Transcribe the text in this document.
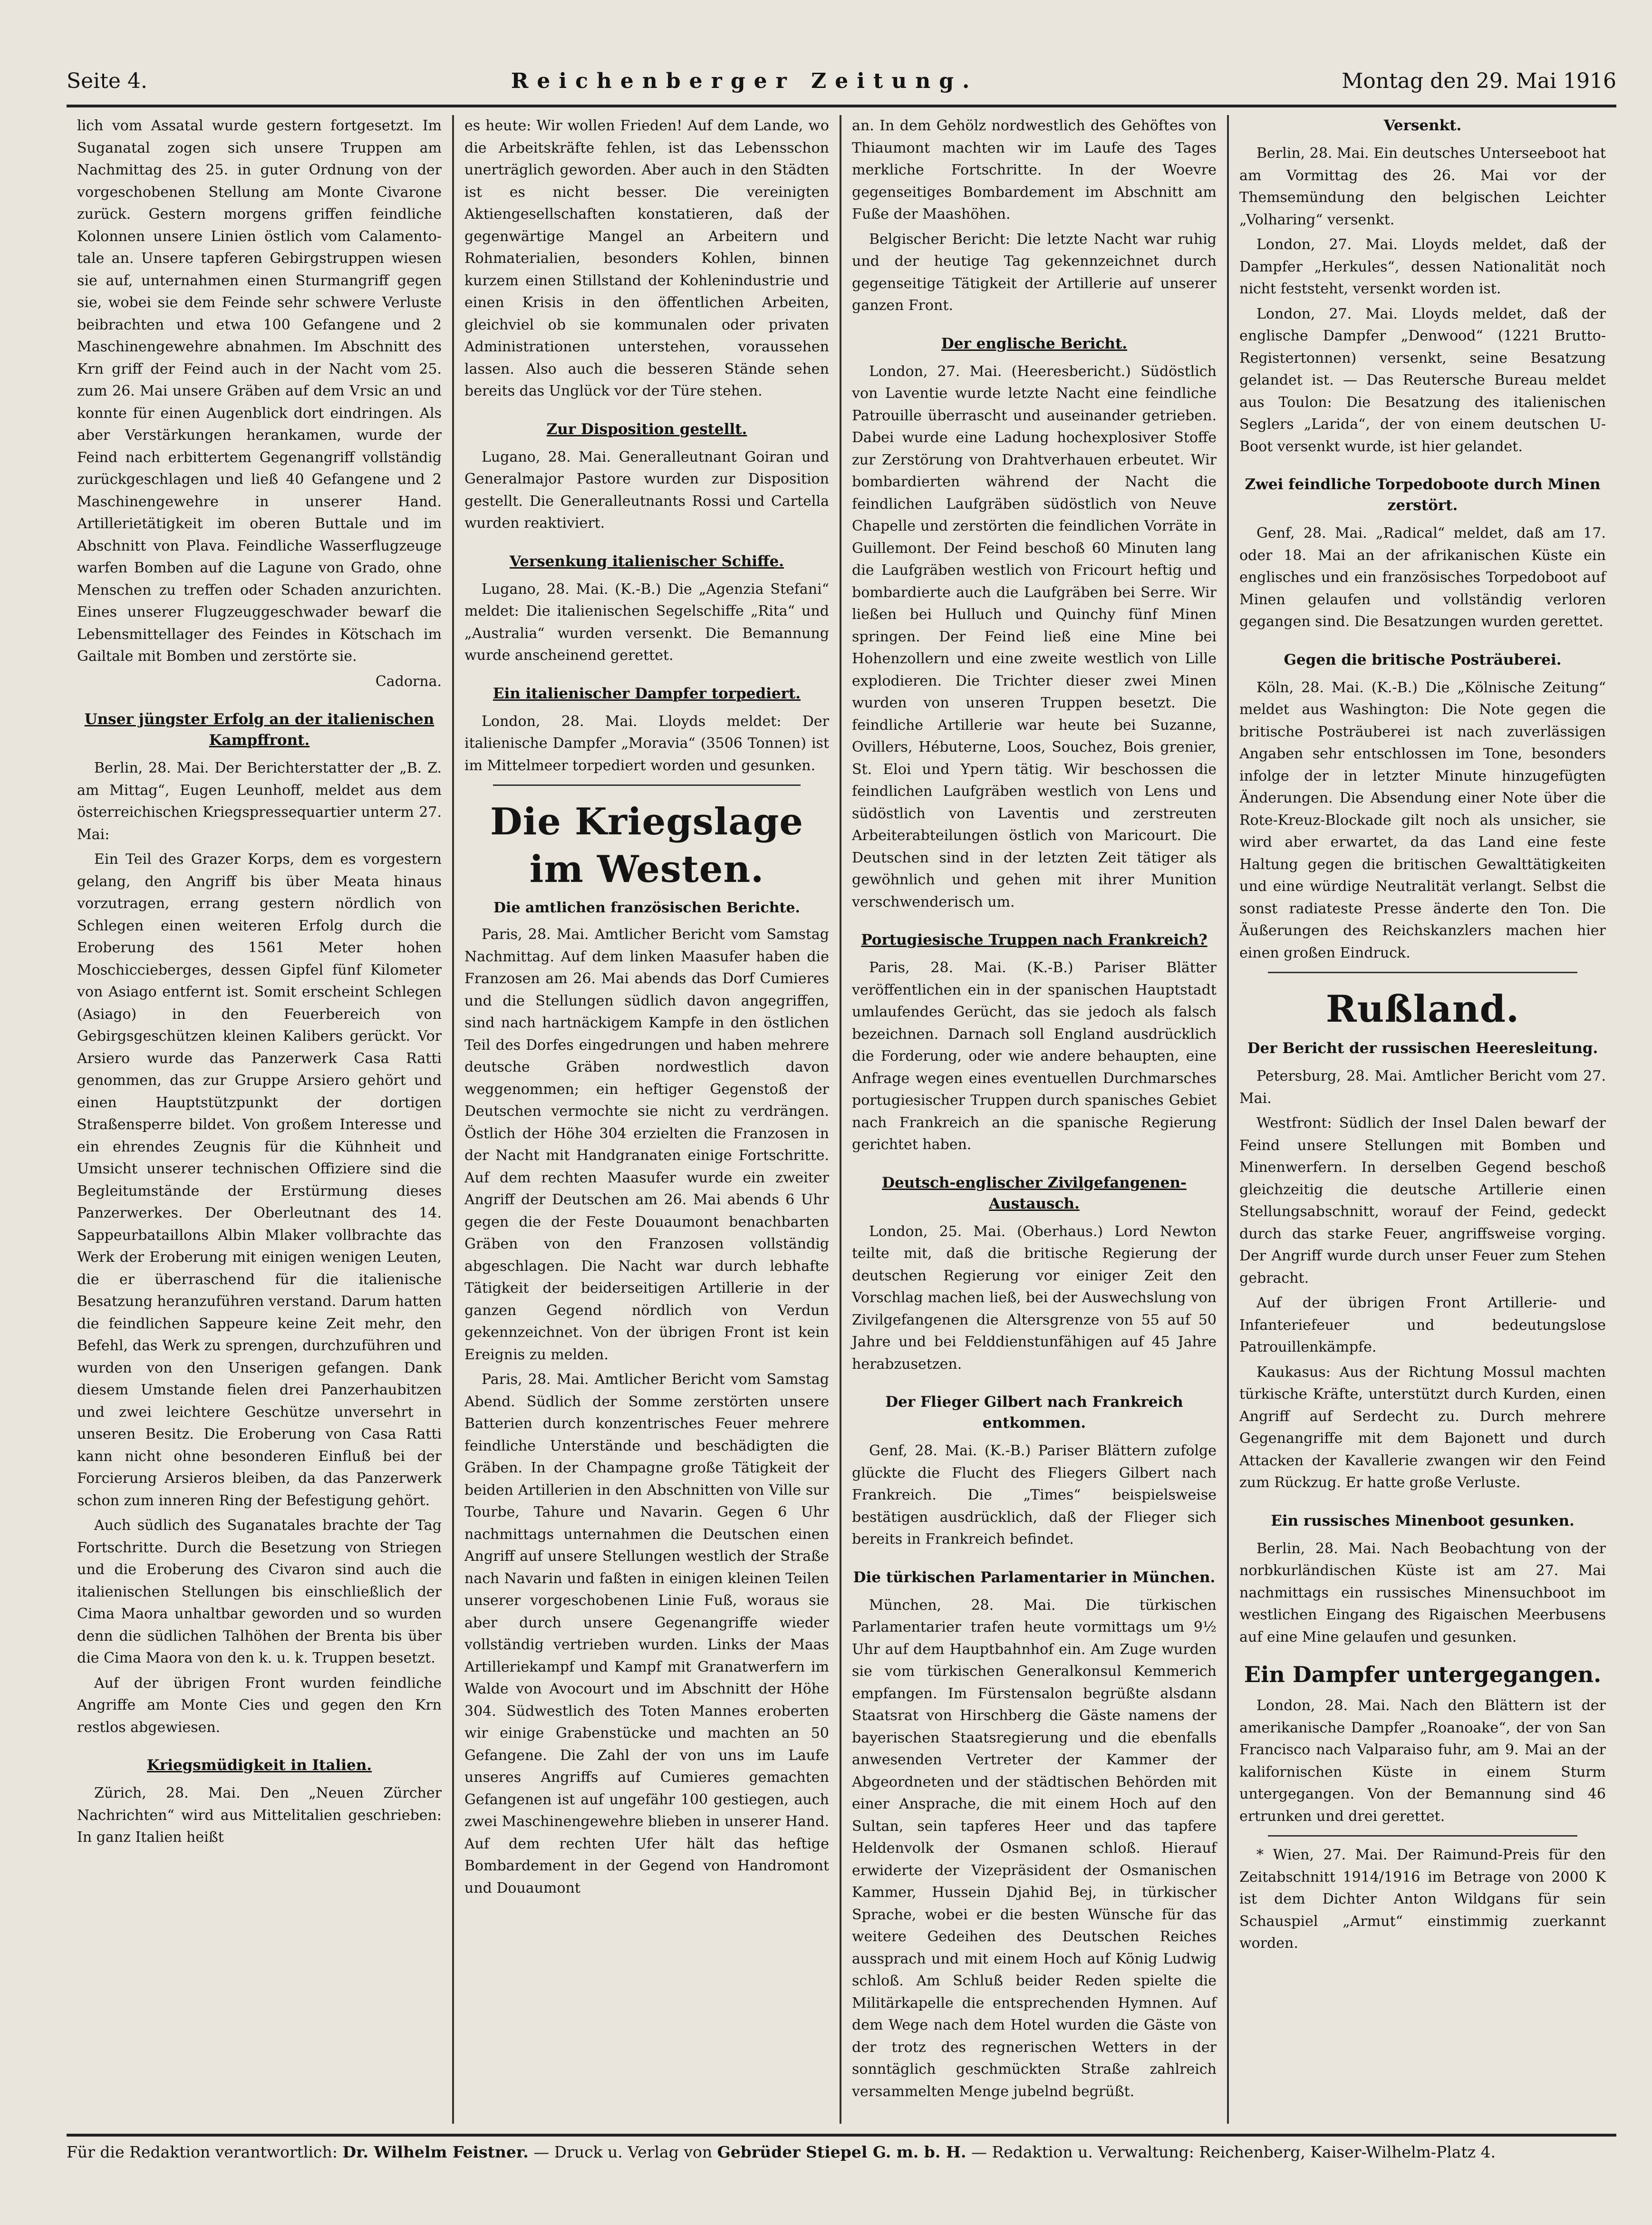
Seite 4.	Reichenberger Zeitung.	Montag den 29. Mai 1916

lich vom Assatal wurde gestern fortgesetzt. Im Suganatal zogen sich unsere Truppen am Nachmittag des 25. in guter Ordnung von der vorgeschobenen Stellung am Monte Civarone zurück. Gestern morgens griffen feindliche Kolonnen unsere Linien östlich vom Calamento-tale an. Unsere tapferen Gebirgstruppen wiesen sie auf, unternahmen einen Sturmangriff gegen sie, wobei sie dem Feinde sehr schwere Verluste beibrachten und etwa 100 Gefangene und 2 Maschinengewehre abnahmen. Im Abschnitt des Krn griff der Feind auch in der Nacht vom 25. zum 26. Mai unsere Gräben auf dem Vrsic an und konnte für einen Augenblick dort eindringen. Als aber Verstärkungen herankamen, wurde der Feind nach erbittertem Gegenangriff vollständig zurückgeschlagen und ließ 40 Gefangene und 2 Maschinengewehre in unserer Hand. Artillerietätigkeit im oberen Buttale und im Abschnitt von Plava. Feindliche Wasserflugzeuge warfen Bomben auf die Lagune von Grado, ohne Menschen zu treffen oder Schaden anzurichten. Eines unserer Flugzeuggeschwader bewarf die Lebensmittellager des Feindes in Kötschach im Gailtale mit Bomben und zerstörte sie.

Cadorna.

Unser jüngster Erfolg an der italienischen Kampffront.

Berlin, 28. Mai. Der Berichterstatter der „B. Z. am Mittag“, Eugen Leunhoff, meldet aus dem österreichischen Kriegspressequartier unterm 27. Mai:

Ein Teil des Grazer Korps, dem es vorgestern gelang, den Angriff bis über Meata hinaus vorzutragen, errang gestern nördlich von Schlegen einen weiteren Erfolg durch die Eroberung des 1561 Meter hohen Moschiccieberges, dessen Gipfel fünf Kilometer von Asiago entfernt ist. Somit erscheint Schlegen (Asiago) in den Feuerbereich von Gebirgsgeschützen kleinen Kalibers gerückt. Vor Arsiero wurde das Panzerwerk Casa Ratti genommen, das zur Gruppe Arsiero gehört und einen Hauptstützpunkt der dortigen Straßensperre bildet. Von großem Interesse und ein ehrendes Zeugnis für die Kühnheit und Umsicht unserer technischen Offiziere sind die Begleitumstände der Erstürmung dieses Panzerwerkes. Der Oberleutnant des 14. Sappeurbataillons Albin Mlaker vollbrachte das Werk der Eroberung mit einigen wenigen Leuten, die er überraschend für die italienische Besatzung heranzuführen verstand. Darum hatten die feindlichen Sappeure keine Zeit mehr, den Befehl, das Werk zu sprengen, durchzuführen und wurden von den Unserigen gefangen. Dank diesem Umstande fielen drei Panzerhaubitzen und zwei leichtere Geschütze unversehrt in unseren Besitz. Die Eroberung von Casa Ratti kann nicht ohne besonderen Einfluß bei der Forcierung Arsieros bleiben, da das Panzerwerk schon zum inneren Ring der Befestigung gehört.

Auch südlich des Suganatales brachte der Tag Fortschritte. Durch die Besetzung von Striegen und die Eroberung des Civaron sind auch die italienischen Stellungen bis einschließlich der Cima Maora unhaltbar geworden und so wurden denn die südlichen Talhöhen der Brenta bis über die Cima Maora von den k. u. k. Truppen besetzt.

Auf der übrigen Front wurden feindliche Angriffe am Monte Cies und gegen den Krn restlos abgewiesen.

Kriegsmüdigkeit in Italien.

Zürich, 28. Mai. Den „Neuen Zürcher Nachrichten“ wird aus Mittelitalien geschrieben: In ganz Italien heißt

es heute: Wir wollen Frieden! Auf dem Lande, wo die Arbeitskräfte fehlen, ist das Lebensschon unerträglich geworden. Aber auch in den Städten ist es nicht besser. Die vereinigten Aktiengesellschaften konstatieren, daß der gegenwärtige Mangel an Arbeitern und Rohmaterialien, besonders Kohlen, binnen kurzem einen Stillstand der Kohlenindustrie und einen Krisis in den öffentlichen Arbeiten, gleichviel ob sie kommunalen oder privaten Administrationen unterstehen, voraussehen lassen. Also auch die besseren Stände sehen bereits das Unglück vor der Türe stehen.

Zur Disposition gestellt.

Lugano, 28. Mai. Generalleutnant Goiran und Generalmajor Pastore wurden zur Disposition gestellt. Die Generalleutnants Rossi und Cartella wurden reaktiviert.

Versenkung italienischer Schiffe.

Lugano, 28. Mai. (K.-B.) Die „Agenzia Stefani“ meldet: Die italienischen Segelschiffe „Rita“ und „Australia“ wurden versenkt. Die Bemannung wurde anscheinend gerettet.

Ein italienischer Dampfer torpediert.

London, 28. Mai. Lloyds meldet: Der italienische Dampfer „Moravia“ (3506 Tonnen) ist im Mittelmeer torpediert worden und gesunken.

Die Kriegslage im Westen.
Die amtlichen französischen Berichte.

Paris, 28. Mai. Amtlicher Bericht vom Samstag Nachmittag. Auf dem linken Maasufer haben die Franzosen am 26. Mai abends das Dorf Cumieres und die Stellungen südlich davon angegriffen, sind nach hartnäckigem Kampfe in den östlichen Teil des Dorfes eingedrungen und haben mehrere deutsche Gräben nordwestlich davon weggenommen; ein heftiger Gegenstoß der Deutschen vermochte sie nicht zu verdrängen. Östlich der Höhe 304 erzielten die Franzosen in der Nacht mit Handgranaten einige Fortschritte. Auf dem rechten Maasufer wurde ein zweiter Angriff der Deutschen am 26. Mai abends 6 Uhr gegen die der Feste Douaumont benachbarten Gräben von den Franzosen vollständig abgeschlagen. Die Nacht war durch lebhafte Tätigkeit der beiderseitigen Artillerie in der ganzen Gegend nördlich von Verdun gekennzeichnet. Von der übrigen Front ist kein Ereignis zu melden.

Paris, 28. Mai. Amtlicher Bericht vom Samstag Abend. Südlich der Somme zerstörten unsere Batterien durch konzentrisches Feuer mehrere feindliche Unterstände und beschädigten die Gräben. In der Champagne große Tätigkeit der beiden Artillerien in den Abschnitten von Ville sur Tourbe, Tahure und Navarin. Gegen 6 Uhr nachmittags unternahmen die Deutschen einen Angriff auf unsere Stellungen westlich der Straße nach Navarin und faßten in einigen kleinen Teilen unserer vorgeschobenen Linie Fuß, woraus sie aber durch unsere Gegenangriffe wieder vollständig vertrieben wurden. Links der Maas Artilleriekampf und Kampf mit Granatwerfern im Walde von Avocourt und im Abschnitt der Höhe 304. Südwestlich des Toten Mannes eroberten wir einige Grabenstücke und machten an 50 Gefangene. Die Zahl der von uns im Laufe unseres Angriffs auf Cumieres gemachten Gefangenen ist auf ungefähr 100 gestiegen, auch zwei Maschinengewehre blieben in unserer Hand. Auf dem rechten Ufer hält das heftige Bombardement in der Gegend von Handromont und Douaumont

an. In dem Gehölz nordwestlich des Gehöftes von Thiaumont machten wir im Laufe des Tages merkliche Fortschritte. In der Woevre gegenseitiges Bombardement im Abschnitt am Fuße der Maashöhen.

Belgischer Bericht: Die letzte Nacht war ruhig und der heutige Tag gekennzeichnet durch gegenseitige Tätigkeit der Artillerie auf unserer ganzen Front.

Der englische Bericht.

London, 27. Mai. (Heeresbericht.) Südöstlich von Laventie wurde letzte Nacht eine feindliche Patrouille überrascht und auseinander getrieben. Dabei wurde eine Ladung hochexplosiver Stoffe zur Zerstörung von Drahtverhauen erbeutet. Wir bombardierten während der Nacht die feindlichen Laufgräben südöstlich von Neuve Chapelle und zerstörten die feindlichen Vorräte in Guillemont. Der Feind beschoß 60 Minuten lang die Laufgräben westlich von Fricourt heftig und bombardierte auch die Laufgräben bei Serre. Wir ließen bei Hulluch und Quinchy fünf Minen springen. Der Feind ließ eine Mine bei Hohenzollern und eine zweite westlich von Lille explodieren. Die Trichter dieser zwei Minen wurden von unseren Truppen besetzt. Die feindliche Artillerie war heute bei Suzanne, Ovillers, Hébuterne, Loos, Souchez, Bois grenier, St. Eloi und Ypern tätig. Wir beschossen die feindlichen Laufgräben westlich von Lens und südöstlich von Laventis und zerstreuten Arbeiterabteilungen östlich von Maricourt. Die Deutschen sind in der letzten Zeit tätiger als gewöhnlich und gehen mit ihrer Munition verschwenderisch um.

Portugiesische Truppen nach Frankreich?

Paris, 28. Mai. (K.-B.) Pariser Blätter veröffentlichen ein in der spanischen Hauptstadt umlaufendes Gerücht, das sie jedoch als falsch bezeichnen. Darnach soll England ausdrücklich die Forderung, oder wie andere behaupten, eine Anfrage wegen eines eventuellen Durchmarsches portugiesischer Truppen durch spanisches Gebiet nach Frankreich an die spanische Regierung gerichtet haben.

Deutsch-englischer Zivilgefangenen-Austausch.

London, 25. Mai. (Oberhaus.) Lord Newton teilte mit, daß die britische Regierung der deutschen Regierung vor einiger Zeit den Vorschlag machen ließ, bei der Auswechslung von Zivilgefangenen die Altersgrenze von 55 auf 50 Jahre und bei Felddienstunfähigen auf 45 Jahre herabzusetzen.

Der Flieger Gilbert nach Frankreich entkommen.

Genf, 28. Mai. (K.-B.) Pariser Blättern zufolge glückte die Flucht des Fliegers Gilbert nach Frankreich. Die „Times“ beispielsweise bestätigen ausdrücklich, daß der Flieger sich bereits in Frankreich befindet.

Die türkischen Parlamentarier in München.

München, 28. Mai. Die türkischen Parlamentarier trafen heute vormittags um 9½ Uhr auf dem Hauptbahnhof ein. Am Zuge wurden sie vom türkischen Generalkonsul Kemmerich empfangen. Im Fürstensalon begrüßte alsdann Staatsrat von Hirschberg die Gäste namens der bayerischen Staatsregierung und die ebenfalls anwesenden Vertreter der Kammer der Abgeordneten und der städtischen Behörden mit einer Ansprache, die mit einem Hoch auf den Sultan, sein tapferes Heer und das tapfere Heldenvolk der Osmanen schloß. Hierauf erwiderte der Vizepräsident der Osmanischen Kammer, Hussein Djahid Bej, in türkischer Sprache, wobei er die besten Wünsche für das weitere Gedeihen des Deutschen Reiches aussprach und mit einem Hoch auf König Ludwig schloß. Am Schluß beider Reden spielte die Militärkapelle die entsprechenden Hymnen. Auf dem Wege nach dem Hotel wurden die Gäste von der trotz des regnerischen Wetters in der sonntäglich geschmückten Straße zahlreich versammelten Menge jubelnd begrüßt.

Versenkt.

Berlin, 28. Mai. Ein deutsches Unterseeboot hat am Vormittag des 26. Mai vor der Themsemündung den belgischen Leichter „Volharing“ versenkt.

London, 27. Mai. Lloyds meldet, daß der Dampfer „Herkules“, dessen Nationalität noch nicht feststeht, versenkt worden ist.

London, 27. Mai. Lloyds meldet, daß der englische Dampfer „Denwood“ (1221 Brutto-Registertonnen) versenkt, seine Besatzung gelandet ist. — Das Reutersche Bureau meldet aus Toulon: Die Besatzung des italienischen Seglers „Larida“, der von einem deutschen U-Boot versenkt wurde, ist hier gelandet.

Zwei feindliche Torpedoboote durch Minen zerstört.

Genf, 28. Mai. „Radical“ meldet, daß am 17. oder 18. Mai an der afrikanischen Küste ein englisches und ein französisches Torpedoboot auf Minen gelaufen und vollständig verloren gegangen sind. Die Besatzungen wurden gerettet.

Gegen die britische Posträuberei.

Köln, 28. Mai. (K.-B.) Die „Kölnische Zeitung“ meldet aus Washington: Die Note gegen die britische Posträuberei ist nach zuverlässigen Angaben sehr entschlossen im Tone, besonders infolge der in letzter Minute hinzugefügten Änderungen. Die Absendung einer Note über die Rote-Kreuz-Blockade gilt noch als unsicher, sie wird aber erwartet, da das Land eine feste Haltung gegen die britischen Gewalttätigkeiten und eine würdige Neutralität verlangt. Selbst die sonst radiateste Presse änderte den Ton. Die Äußerungen des Reichskanzlers machen hier einen großen Eindruck.

Rußland.
Der Bericht der russischen Heeresleitung.

Petersburg, 28. Mai. Amtlicher Bericht vom 27. Mai.

Westfront: Südlich der Insel Dalen bewarf der Feind unsere Stellungen mit Bomben und Minenwerfern. In derselben Gegend beschoß gleichzeitig die deutsche Artillerie einen Stellungsabschnitt, worauf der Feind, gedeckt durch das starke Feuer, angriffsweise vorging. Der Angriff wurde durch unser Feuer zum Stehen gebracht.

Auf der übrigen Front Artillerie- und Infanteriefeuer und bedeutungslose Patrouillenkämpfe.

Kaukasus: Aus der Richtung Mossul machten türkische Kräfte, unterstützt durch Kurden, einen Angriff auf Serdecht zu. Durch mehrere Gegenangriffe mit dem Bajonett und durch Attacken der Kavallerie zwangen wir den Feind zum Rückzug. Er hatte große Verluste.

Ein russisches Minenboot gesunken.

Berlin, 28. Mai. Nach Beobachtung von der norbkurländischen Küste ist am 27. Mai nachmittags ein russisches Minensuchboot im westlichen Eingang des Rigaischen Meerbusens auf eine Mine gelaufen und gesunken.

Ein Dampfer untergegangen.

London, 28. Mai. Nach den Blättern ist der amerikanische Dampfer „Roanoake“, der von San Francisco nach Valparaiso fuhr, am 9. Mai an der kalifornischen Küste in einem Sturm untergegangen. Von der Bemannung sind 46 ertrunken und drei gerettet.

* Wien, 27. Mai. Der Raimund-Preis für den Zeitabschnitt 1914/1916 im Betrage von 2000 K ist dem Dichter Anton Wildgans für sein Schauspiel „Armut“ einstimmig zuerkannt worden.

Für die Redaktion verantwortlich: Dr. Wilhelm Feistner. — Druck u. Verlag von Gebrüder Stiepel G. m. b. H. — Redaktion u. Verwaltung: Reichenberg, Kaiser-Wilhelm-Platz 4.
